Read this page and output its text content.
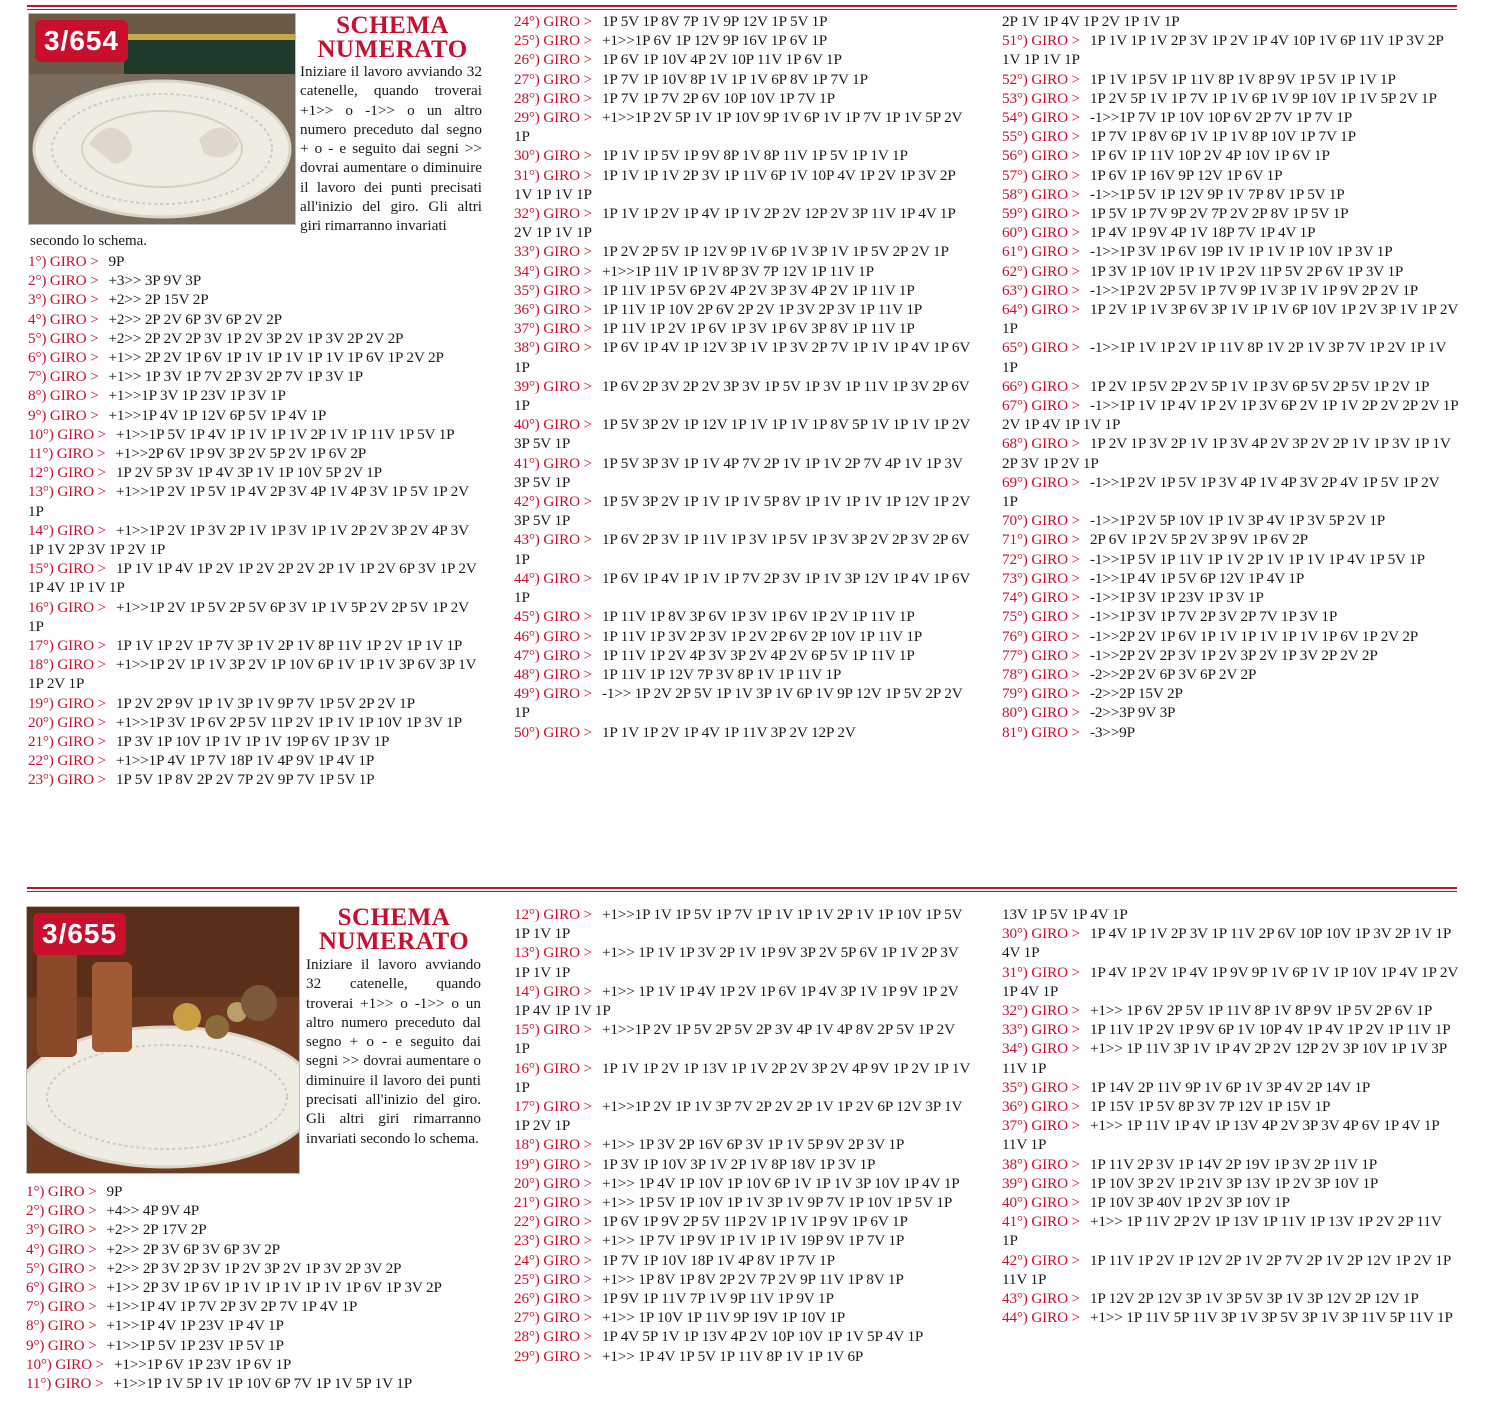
3/654	SCHEMA
NUMERATO
Iniziare il lavoro avviando 32 catenelle, quando troverai +1>> o -1>> o un altro numero preceduto dal segno + o - e seguito dai segni >> dovrai aumentare o diminuire il lavoro dei punti precisati all'inizio del giro. Gli altri giri rimarranno invariati
secondo lo schema.
1°) GIRO > 9P
2°) GIRO > +3>> 3P 9V 3P
3°) GIRO > +2>> 2P 15V 2P
4°) GIRO > +2>> 2P 2V 6P 3V 6P 2V 2P
5°) GIRO > +2>> 2P 2V 2P 3V 1P 2V 3P 2V 1P 3V 2P 2V 2P
6°) GIRO > +1>> 2P 2V 1P 6V 1P 1V 1P 1V 1P 1V 1P 6V 1P 2V 2P
7°) GIRO > +1>> 1P 3V 1P 7V 2P 3V 2P 7V 1P 3V 1P
8°) GIRO > +1>>1P 3V 1P 23V 1P 3V 1P
9°) GIRO > +1>>1P 4V 1P 12V 6P 5V 1P 4V 1P
10°) GIRO > +1>>1P 5V 1P 4V 1P 1V 1P 1V 2P 1V 1P 11V 1P 5V 1P
11°) GIRO > +1>>2P 6V 1P 9V 3P 2V 5P 2V 1P 6V 2P
12°) GIRO > 1P 2V 5P 3V 1P 4V 3P 1V 1P 10V 5P 2V 1P
13°) GIRO > +1>>1P 2V 1P 5V 1P 4V 2P 3V 4P 1V 4P 3V 1P 5V 1P 2V 1P
14°) GIRO > +1>>1P 2V 1P 3V 2P 1V 1P 3V 1P 1V 2P 2V 3P 2V 4P 3V 1P 1V 2P 3V 1P 2V 1P
15°) GIRO > 1P 1V 1P 4V 1P 2V 1P 2V 2P 2V 2P 1V 1P 2V 6P 3V 1P 2V 1P 4V 1P 1V 1P
16°) GIRO > +1>>1P 2V 1P 5V 2P 5V 6P 3V 1P 1V 5P 2V 2P 5V 1P 2V 1P
17°) GIRO > 1P 1V 1P 2V 1P 7V 3P 1V 2P 1V 8P 11V 1P 2V 1P 1V 1P
18°) GIRO > +1>>1P 2V 1P 1V 3P 2V 1P 10V 6P 1V 1P 1V 3P 6V 3P 1V 1P 2V 1P
19°) GIRO > 1P 2V 2P 9V 1P 1V 3P 1V 9P 7V 1P 5V 2P 2V 1P
20°) GIRO > +1>>1P 3V 1P 6V 2P 5V 11P 2V 1P 1V 1P 10V 1P 3V 1P
21°) GIRO > 1P 3V 1P 10V 1P 1V 1P 1V 19P 6V 1P 3V 1P
22°) GIRO > +1>>1P 4V 1P 7V 18P 1V 4P 9V 1P 4V 1P
23°) GIRO > 1P 5V 1P 8V 2P 2V 7P 2V 9P 7V 1P 5V 1P
24°) GIRO > 1P 5V 1P 8V 7P 1V 9P 12V 1P 5V 1P
25°) GIRO > +1>>1P 6V 1P 12V 9P 16V 1P 6V 1P
26°) GIRO > 1P 6V 1P 10V 4P 2V 10P 11V 1P 6V 1P
27°) GIRO > 1P 7V 1P 10V 8P 1V 1P 1V 6P 8V 1P 7V 1P
28°) GIRO > 1P 7V 1P 7V 2P 6V 10P 10V 1P 7V 1P
29°) GIRO > +1>>1P 2V 5P 1V 1P 10V 9P 1V 6P 1V 1P 7V 1P 1V 5P 2V 1P
30°) GIRO > 1P 1V 1P 5V 1P 9V 8P 1V 8P 11V 1P 5V 1P 1V 1P
31°) GIRO > 1P 1V 1P 1V 2P 3V 1P 11V 6P 1V 10P 4V 1P 2V 1P 3V 2P 1V 1P 1V 1P
32°) GIRO > 1P 1V 1P 2V 1P 4V 1P 1V 2P 2V 12P 2V 3P 11V 1P 4V 1P 2V 1P 1V 1P
33°) GIRO > 1P 2V 2P 5V 1P 12V 9P 1V 6P 1V 3P 1V 1P 5V 2P 2V 1P
34°) GIRO > +1>>1P 11V 1P 1V 8P 3V 7P 12V 1P 11V 1P
35°) GIRO > 1P 11V 1P 5V 6P 2V 4P 2V 3P 3V 4P 2V 1P 11V 1P
36°) GIRO > 1P 11V 1P 10V 2P 6V 2P 2V 1P 3V 2P 3V 1P 11V 1P
37°) GIRO > 1P 11V 1P 2V 1P 6V 1P 3V 1P 6V 3P 8V 1P 11V 1P
38°) GIRO > 1P 6V 1P 4V 1P 12V 3P 1V 1P 3V 2P 7V 1P 1V 1P 4V 1P 6V 1P
39°) GIRO > 1P 6V 2P 3V 2P 2V 3P 3V 1P 5V 1P 3V 1P 11V 1P 3V 2P 6V 1P
40°) GIRO > 1P 5V 3P 2V 1P 12V 1P 1V 1P 1V 1P 8V 5P 1V 1P 1V 1P 2V 3P 5V 1P
41°) GIRO > 1P 5V 3P 3V 1P 1V 4P 7V 2P 1V 1P 1V 2P 7V 4P 1V 1P 3V 3P 5V 1P
42°) GIRO > 1P 5V 3P 2V 1P 1V 1P 1V 5P 8V 1P 1V 1P 1V 1P 12V 1P 2V 3P 5V 1P
43°) GIRO > 1P 6V 2P 3V 1P 11V 1P 3V 1P 5V 1P 3V 3P 2V 2P 3V 2P 6V 1P
44°) GIRO > 1P 6V 1P 4V 1P 1V 1P 7V 2P 3V 1P 1V 3P 12V 1P 4V 1P 6V 1P
45°) GIRO > 1P 11V 1P 8V 3P 6V 1P 3V 1P 6V 1P 2V 1P 11V 1P
46°) GIRO > 1P 11V 1P 3V 2P 3V 1P 2V 2P 6V 2P 10V 1P 11V 1P
47°) GIRO > 1P 11V 1P 2V 4P 3V 3P 2V 4P 2V 6P 5V 1P 11V 1P
48°) GIRO > 1P 11V 1P 12V 7P 3V 8P 1V 1P 11V 1P
49°) GIRO > -1>> 1P 2V 2P 5V 1P 1V 3P 1V 6P 1V 9P 12V 1P 5V 2P 2V 1P
50°) GIRO > 1P 1V 1P 2V 1P 4V 1P 11V 3P 2V 12P 2V
2P 1V 1P 4V 1P 2V 1P 1V 1P
51°) GIRO > 1P 1V 1P 1V 2P 3V 1P 2V 1P 4V 10P 1V 6P 11V 1P 3V 2P 1V 1P 1V 1P
52°) GIRO > 1P 1V 1P 5V 1P 11V 8P 1V 8P 9V 1P 5V 1P 1V 1P
53°) GIRO > 1P 2V 5P 1V 1P 7V 1P 1V 6P 1V 9P 10V 1P 1V 5P 2V 1P
54°) GIRO > -1>>1P 7V 1P 10V 10P 6V 2P 7V 1P 7V 1P
55°) GIRO > 1P 7V 1P 8V 6P 1V 1P 1V 8P 10V 1P 7V 1P
56°) GIRO > 1P 6V 1P 11V 10P 2V 4P 10V 1P 6V 1P
57°) GIRO > 1P 6V 1P 16V 9P 12V 1P 6V 1P
58°) GIRO > -1>>1P 5V 1P 12V 9P 1V 7P 8V 1P 5V 1P
59°) GIRO > 1P 5V 1P 7V 9P 2V 7P 2V 2P 8V 1P 5V 1P
60°) GIRO > 1P 4V 1P 9V 4P 1V 18P 7V 1P 4V 1P
61°) GIRO > -1>>1P 3V 1P 6V 19P 1V 1P 1V 1P 10V 1P 3V 1P
62°) GIRO > 1P 3V 1P 10V 1P 1V 1P 2V 11P 5V 2P 6V 1P 3V 1P
63°) GIRO > -1>>1P 2V 2P 5V 1P 7V 9P 1V 3P 1V 1P 9V 2P 2V 1P
64°) GIRO > 1P 2V 1P 1V 3P 6V 3P 1V 1P 1V 6P 10V 1P 2V 3P 1V 1P 2V 1P
65°) GIRO > -1>>1P 1V 1P 2V 1P 11V 8P 1V 2P 1V 3P 7V 1P 2V 1P 1V 1P
66°) GIRO > 1P 2V 1P 5V 2P 2V 5P 1V 1P 3V 6P 5V 2P 5V 1P 2V 1P
67°) GIRO > -1>>1P 1V 1P 4V 1P 2V 1P 3V 6P 2V 1P 1V 2P 2V 2P 2V 1P 2V 1P 4V 1P 1V 1P
68°) GIRO > 1P 2V 1P 3V 2P 1V 1P 3V 4P 2V 3P 2V 2P 1V 1P 3V 1P 1V 2P 3V 1P 2V 1P
69°) GIRO > -1>>1P 2V 1P 5V 1P 3V 4P 1V 4P 3V 2P 4V 1P 5V 1P 2V 1P
70°) GIRO > -1>>1P 2V 5P 10V 1P 1V 3P 4V 1P 3V 5P 2V 1P
71°) GIRO > 2P 6V 1P 2V 5P 2V 3P 9V 1P 6V 2P
72°) GIRO > -1>>1P 5V 1P 11V 1P 1V 2P 1V 1P 1V 1P 4V 1P 5V 1P
73°) GIRO > -1>>1P 4V 1P 5V 6P 12V 1P 4V 1P
74°) GIRO > -1>>1P 3V 1P 23V 1P 3V 1P
75°) GIRO > -1>>1P 3V 1P 7V 2P 3V 2P 7V 1P 3V 1P
76°) GIRO > -1>>2P 2V 1P 6V 1P 1V 1P 1V 1P 1V 1P 6V 1P 2V 2P
77°) GIRO > -1>>2P 2V 2P 3V 1P 2V 3P 2V 1P 3V 2P 2V 2P
78°) GIRO > -2>>2P 2V 6P 3V 6P 2V 2P
79°) GIRO > -2>>2P 15V 2P
80°) GIRO > -2>>3P 9V 3P
81°) GIRO > -3>>9P
3/655
SCHEMA
NUMERATO
Iniziare il lavoro avviando 32 catenelle, quando troverai +1>> o -1>> o un altro numero preceduto dal segno + o - e seguito dai segni >> dovrai aumentare o diminuire il lavoro dei punti precisati all'inizio del giro. Gli altri giri rimarranno invariati secondo lo schema.
1°) GIRO > 9P
2°) GIRO > +4>> 4P 9V 4P
3°) GIRO > +2>> 2P 17V 2P
4°) GIRO > +2>> 2P 3V 6P 3V 6P 3V 2P
5°) GIRO > +2>> 2P 3V 2P 3V 1P 2V 3P 2V 1P 3V 2P 3V 2P
6°) GIRO > +1>> 2P 3V 1P 6V 1P 1V 1P 1V 1P 1V 1P 6V 1P 3V 2P
7°) GIRO > +1>>1P 4V 1P 7V 2P 3V 2P 7V 1P 4V 1P
8°) GIRO > +1>>1P 4V 1P 23V 1P 4V 1P
9°) GIRO > +1>>1P 5V 1P 23V 1P 5V 1P
10°) GIRO > +1>>1P 6V 1P 23V 1P 6V 1P
11°) GIRO > +1>>1P 1V 5P 1V 1P 10V 6P 7V 1P 1V 5P 1V 1P
12°) GIRO > +1>>1P 1V 1P 5V 1P 7V 1P 1V 1P 1V 2P 1V 1P 10V 1P 5V 1P 1V 1P
13°) GIRO > +1>> 1P 1V 1P 3V 2P 1V 1P 9V 3P 2V 5P 6V 1P 1V 2P 3V 1P 1V 1P
14°) GIRO > +1>> 1P 1V 1P 4V 1P 2V 1P 6V 1P 4V 3P 1V 1P 9V 1P 2V 1P 4V 1P 1V 1P
15°) GIRO > +1>>1P 2V 1P 5V 2P 5V 2P 3V 4P 1V 4P 8V 2P 5V 1P 2V 1P
16°) GIRO > 1P 1V 1P 2V 1P 13V 1P 1V 2P 2V 3P 2V 4P 9V 1P 2V 1P 1V 1P
17°) GIRO > +1>>1P 2V 1P 1V 3P 7V 2P 2V 2P 1V 1P 2V 6P 12V 3P 1V 1P 2V 1P
18°) GIRO > +1>> 1P 3V 2P 16V 6P 3V 1P 1V 5P 9V 2P 3V 1P
19°) GIRO > 1P 3V 1P 10V 3P 1V 2P 1V 8P 18V 1P 3V 1P
20°) GIRO > +1>> 1P 4V 1P 10V 1P 10V 6P 1V 1P 1V 3P 10V 1P 4V 1P
21°) GIRO > +1>> 1P 5V 1P 10V 1P 1V 3P 1V 9P 7V 1P 10V 1P 5V 1P
22°) GIRO > 1P 6V 1P 9V 2P 5V 11P 2V 1P 1V 1P 9V 1P 6V 1P
23°) GIRO > +1>> 1P 7V 1P 9V 1P 1V 1P 1V 19P 9V 1P 7V 1P
24°) GIRO > 1P 7V 1P 10V 18P 1V 4P 8V 1P 7V 1P
25°) GIRO > +1>> 1P 8V 1P 8V 2P 2V 7P 2V 9P 11V 1P 8V 1P
26°) GIRO > 1P 9V 1P 11V 7P 1V 9P 11V 1P 9V 1P
27°) GIRO > +1>> 1P 10V 1P 11V 9P 19V 1P 10V 1P
28°) GIRO > 1P 4V 5P 1V 1P 13V 4P 2V 10P 10V 1P 1V 5P 4V 1P
29°) GIRO > +1>> 1P 4V 1P 5V 1P 11V 8P 1V 1P 1V 6P
13V 1P 5V 1P 4V 1P
30°) GIRO > 1P 4V 1P 1V 2P 3V 1P 11V 2P 6V 10P 10V 1P 3V 2P 1V 1P 4V 1P
31°) GIRO > 1P 4V 1P 2V 1P 4V 1P 9V 9P 1V 6P 1V 1P 10V 1P 4V 1P 2V 1P 4V 1P
32°) GIRO > +1>> 1P 6V 2P 5V 1P 11V 8P 1V 8P 9V 1P 5V 2P 6V 1P
33°) GIRO > 1P 11V 1P 2V 1P 9V 6P 1V 10P 4V 1P 4V 1P 2V 1P 11V 1P
34°) GIRO > +1>> 1P 11V 3P 1V 1P 4V 2P 2V 12P 2V 3P 10V 1P 1V 3P 11V 1P
35°) GIRO > 1P 14V 2P 11V 9P 1V 6P 1V 3P 4V 2P 14V 1P
36°) GIRO > 1P 15V 1P 5V 8P 3V 7P 12V 1P 15V 1P
37°) GIRO > +1>> 1P 11V 1P 4V 1P 13V 4P 2V 3P 3V 4P 6V 1P 4V 1P 11V 1P
38°) GIRO > 1P 11V 2P 3V 1P 14V 2P 19V 1P 3V 2P 11V 1P
39°) GIRO > 1P 10V 3P 2V 1P 21V 3P 13V 1P 2V 3P 10V 1P
40°) GIRO > 1P 10V 3P 40V 1P 2V 3P 10V 1P
41°) GIRO > +1>> 1P 11V 2P 2V 1P 13V 1P 11V 1P 13V 1P 2V 2P 11V 1P
42°) GIRO > 1P 11V 1P 2V 1P 12V 2P 1V 2P 7V 2P 1V 2P 12V 1P 2V 1P 11V 1P
43°) GIRO > 1P 12V 2P 12V 3P 1V 3P 5V 3P 1V 3P 12V 2P 12V 1P
44°) GIRO > +1>> 1P 11V 5P 11V 3P 1V 3P 5V 3P 1V 3P 11V 5P 11V 1P
